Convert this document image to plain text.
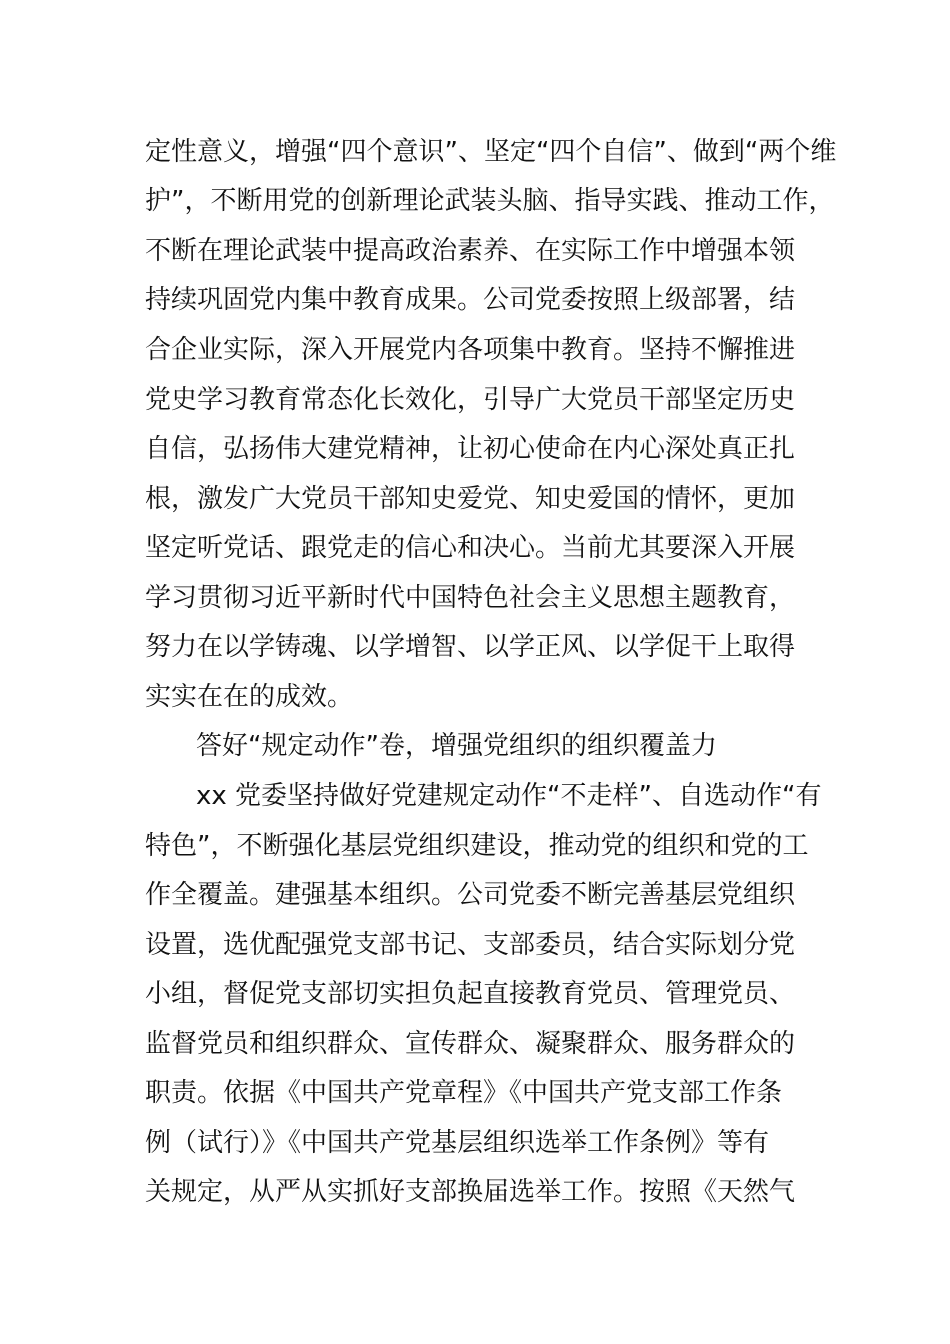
定性意义，增强“四个意识”、坚定“四个自信”、做到“两个维
护”，不断用党的创新理论武装头脑、指导实践、推动工作，
不断在理论武装中提高政治素养、在实际工作中增强本领
持续巩固党内集中教育成果。公司党委按照上级部署，结
合企业实际，深入开展党内各项集中教育。坚持不懈推进
党史学习教育常态化长效化，引导广大党员干部坚定历史
自信，弘扬伟大建党精神，让初心使命在内心深处真正扎
根，激发广大党员干部知史爱党、知史爱国的情怀，更加
坚定听党话、跟党走的信心和决心。当前尤其要深入开展
学习贯彻习近平新时代中国特色社会主义思想主题教育，
努力在以学铸魂、以学增智、以学正风、以学促干上取得
实实在在的成效。
答好“规定动作”卷，增强党组织的组织覆盖力
xx 党委坚持做好党建规定动作“不走样”、自选动作“有
特色”，不断强化基层党组织建设，推动党的组织和党的工
作全覆盖。建强基本组织。公司党委不断完善基层党组织
设置，选优配强党支部书记、支部委员，结合实际划分党
小组，督促党支部切实担负起直接教育党员、管理党员、
监督党员和组织群众、宣传群众、凝聚群众、服务群众的
职责。依据《中国共产党章程》《中国共产党支部工作条
例（试行）》《中国共产党基层组织选举工作条例》等有
关规定，从严从实抓好支部换届选举工作。按照《天然气
